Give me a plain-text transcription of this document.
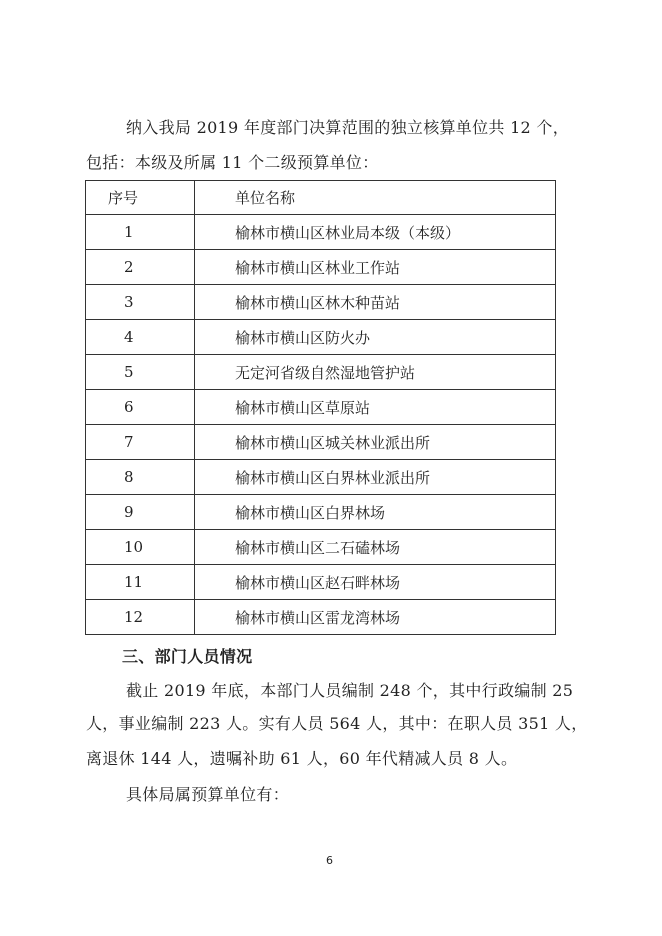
纳入我局 2019 年度部门决算范围的独立核算单位共 12 个，
包括：本级及所属 11 个二级预算单位：
序号	单位名称
1	榆林市横山区林业局本级（本级）
2	榆林市横山区林业工作站
3	榆林市横山区林木种苗站
4	榆林市横山区防火办
5	无定河省级自然湿地管护站
6	榆林市横山区草原站
7	榆林市横山区城关林业派出所
8	榆林市横山区白界林业派出所
9	榆林市横山区白界林场
10	榆林市横山区二石磕林场
11	榆林市横山区赵石畔林场
12	榆林市横山区雷龙湾林场
三、部门人员情况
截止 2019 年底，本部门人员编制 248 个，其中行政编制 25
人，事业编制 223 人。实有人员 564 人，其中：在职人员 351 人，
离退休 144 人，遗嘱补助 61 人，60 年代精减人员 8 人。
具体局属预算单位有：
6
